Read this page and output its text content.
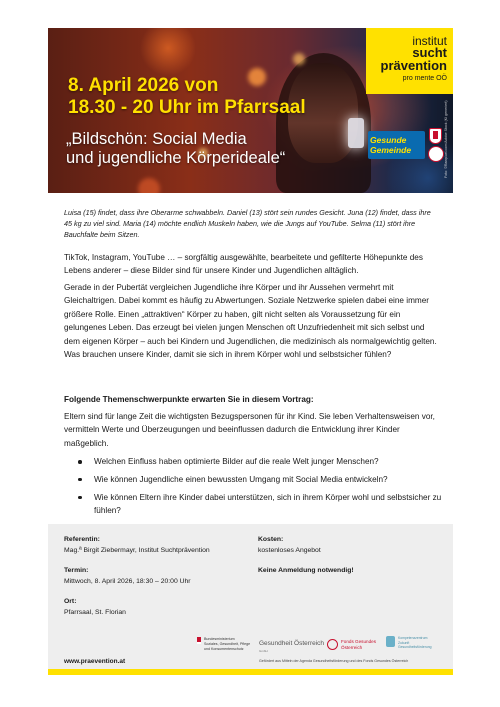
8. April 2026 von
18.30 - 20 Uhr im Pfarrsaal
„Bildschön: Social Media
und jugendliche Körperideale“
institut
sucht
prävention
pro mente OÖ
Gesunde
Gemeinde	Foto: ©Rawpixel.com/Adobe Stock (KI generiert)

Luisa (15) findet, dass ihre Oberarme schwabbeln. Daniel (13) stört sein rundes Gesicht. Juna (12) findet, dass ihre 45 kg zu viel sind. Maria (14) möchte endlich Muskeln haben, wie die Jungs auf YouTube. Selma (11) stört ihre Bauchfalte beim Sitzen.

TikTok, Instagram, YouTube … – sorgfältig ausgewählte, bearbeitete und gefilterte Höhepunkte des Lebens anderer – diese Bilder sind für unsere Kinder und Jugendlichen alltäglich.

Gerade in der Pubertät vergleichen Jugendliche ihre Körper und ihr Aussehen vermehrt mit Gleichaltrigen. Dabei kommt es häufig zu Abwertungen. Soziale Netzwerke spielen dabei eine immer größere Rolle. Einen „attraktiven“ Körper zu haben, gilt nicht selten als Voraussetzung für ein gelungenes Leben. Das erzeugt bei vielen jungen Menschen oft Unzufriedenheit mit sich selbst und dem eigenen Körper – auch bei Kindern und Jugendlichen, die medizinisch als normalgewichtig gelten. Was brauchen unsere Kinder, damit sie sich in ihrem Körper wohl und selbstsicher fühlen?

Folgende Themenschwerpunkte erwarten Sie in diesem Vortrag:

Eltern sind für lange Zeit die wichtigsten Bezugspersonen für ihr Kind. Sie leben Verhaltensweisen vor, vermitteln Werte und Überzeugungen und beeinflussen dadurch die Entwicklung ihrer Kinder maßgeblich.

Welchen Einfluss haben optimierte Bilder auf die reale Welt junger Menschen?
Wie können Jugendliche einen bewussten Umgang mit Social Media entwickeln?
Wie können Eltern ihre Kinder dabei unterstützen, sich in ihrem Körper wohl und selbstsicher zu fühlen?
Referentin:
Mag.ª Birgit Ziebermayr, Institut Suchtprävention
Kosten:
kostenloses Angebot
Termin:
Mittwoch, 8. April 2026, 18:30 – 20:00 Uhr
Keine Anmeldung notwendig!
Ort:
Pfarrsaal, St. Florian
Bundesministerium
Soziales, Gesundheit, Pflege
und Konsumentenschutz
Gesundheit Österreich
GmbH
Fonds Gesundes
Österreich
Kompetenzzentrum
Zukunft
Gesundheitsförderung
www.praevention.at	Gefördert aus Mitteln der Agenda Gesundheitsförderung und des Fonds Gesundes Österreich
